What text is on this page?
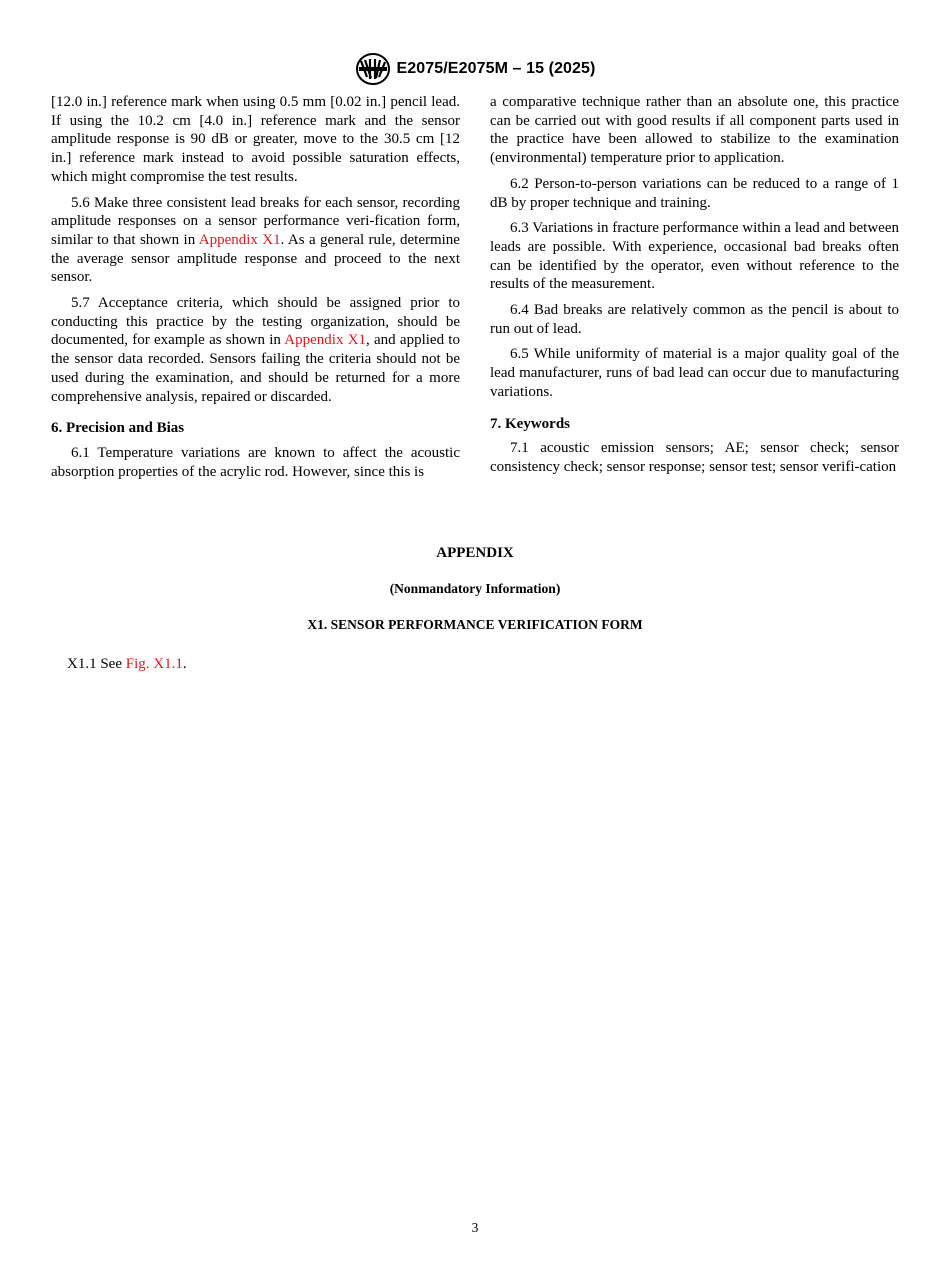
E2075/E2075M – 15 (2025)

[12.0 in.] reference mark when using 0.5 mm [0.02 in.] pencil lead. If using the 10.2 cm [4.0 in.] reference mark and the sensor amplitude response is 90 dB or greater, move to the 30.5 cm [12 in.] reference mark instead to avoid possible saturation effects, which might compromise the test results.

5.6 Make three consistent lead breaks for each sensor, recording amplitude responses on a sensor performance veri-fication form, similar to that shown in Appendix X1. As a general rule, determine the average sensor amplitude response and proceed to the next sensor.

5.7 Acceptance criteria, which should be assigned prior to conducting this practice by the testing organization, should be documented, for example as shown in Appendix X1, and applied to the sensor data recorded. Sensors failing the criteria should not be used during the examination, and should be returned for a more comprehensive analysis, repaired or discarded.

6. Precision and Bias

6.1 Temperature variations are known to affect the acoustic absorption properties of the acrylic rod. However, since this is

a comparative technique rather than an absolute one, this practice can be carried out with good results if all component parts used in the practice have been allowed to stabilize to the examination (environmental) temperature prior to application.

6.2 Person-to-person variations can be reduced to a range of 1 dB by proper technique and training.

6.3 Variations in fracture performance within a lead and between leads are possible. With experience, occasional bad breaks often can be identified by the operator, even without reference to the results of the measurement.

6.4 Bad breaks are relatively common as the pencil is about to run out of lead.

6.5 While uniformity of material is a major quality goal of the lead manufacturer, runs of bad lead can occur due to manufacturing variations.

7. Keywords

7.1 acoustic emission sensors; AE; sensor check; sensor consistency check; sensor response; sensor test; sensor verifi-cation

APPENDIX
(Nonmandatory Information)
X1. SENSOR PERFORMANCE VERIFICATION FORM
X1.1 See Fig. X1.1.
3
